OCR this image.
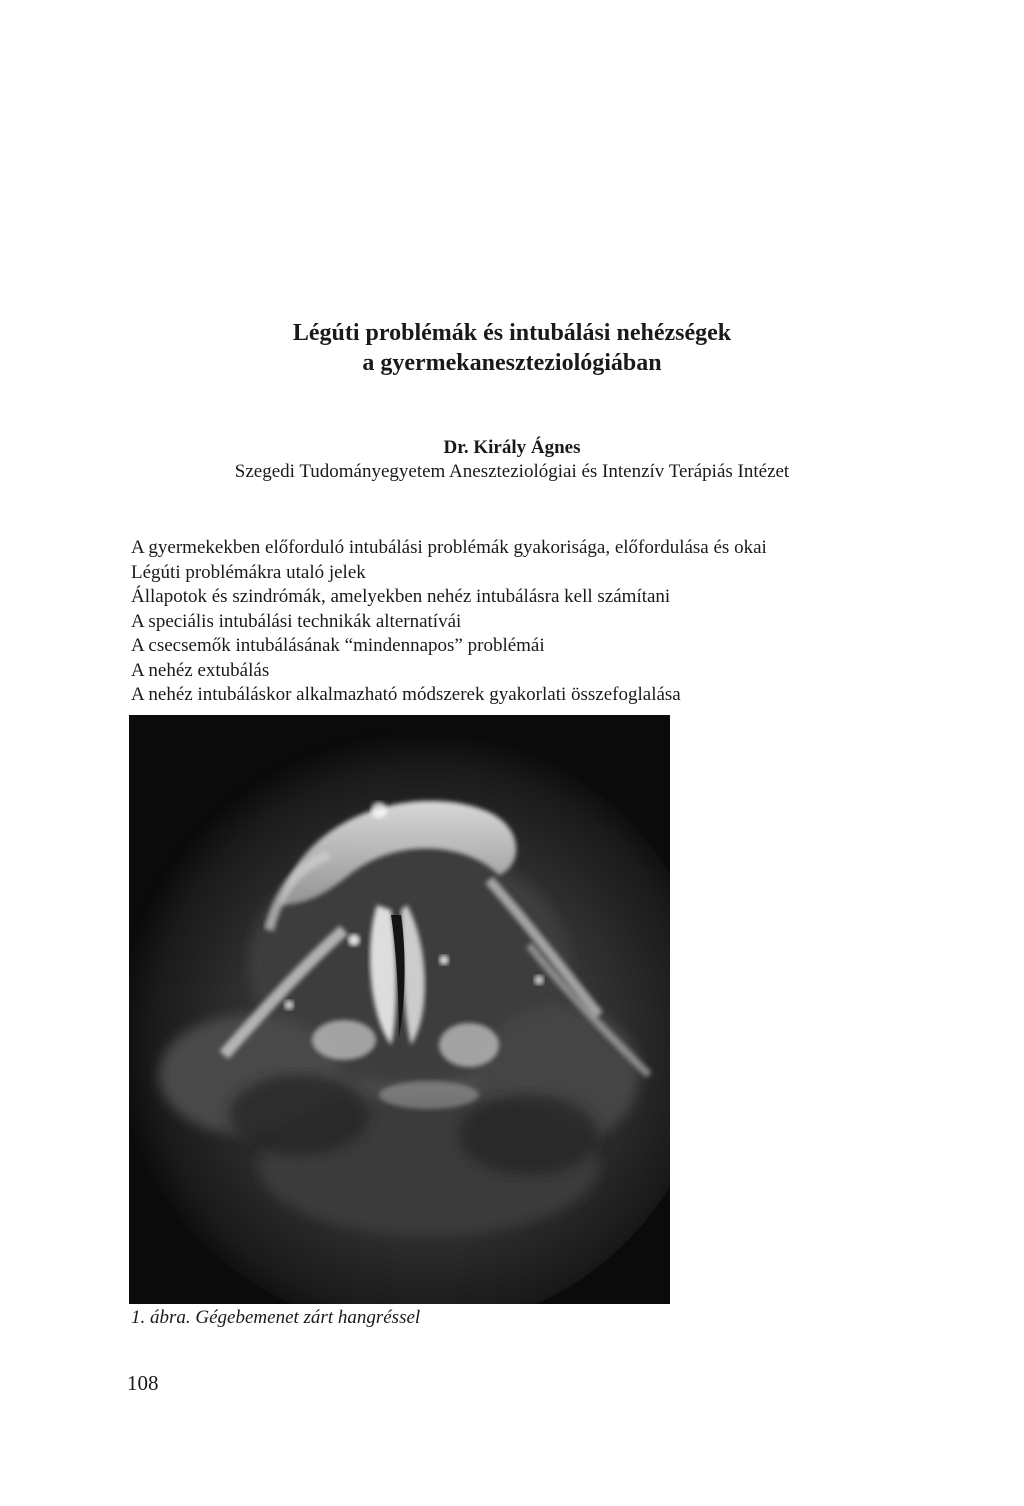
Légúti problémák és intubálási nehézségek

a gyermekaneszteziológiában

Dr. Király Ágnes
Szegedi Tudományegyetem Aneszteziológiai és Intenzív Terápiás Intézet
A gyermekekben előforduló intubálási problémák gyakorisága, előfordulása és okai
Légúti problémákra utaló jelek
Állapotok és szindrómák, amelyekben nehéz intubálásra kell számítani
A speciális intubálási technikák alternatívái
A csecsemők intubálásának “mindennapos” problémái
A nehéz extubálás
A nehéz intubáláskor alkalmazható módszerek gyakorlati összefoglalása
1. ábra. Gégebemenet zárt hangréssel
108
